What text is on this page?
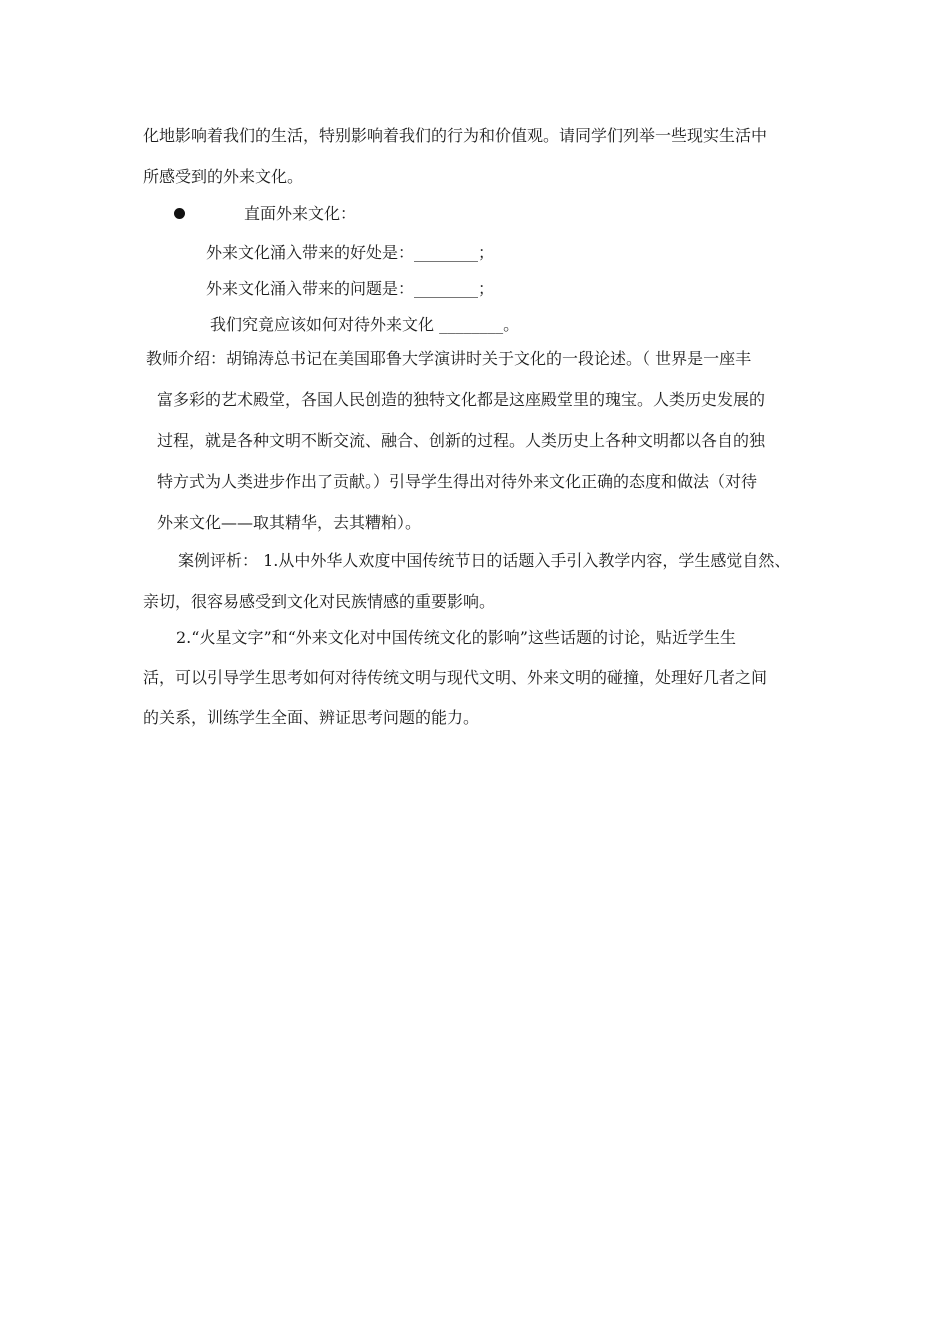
化地影响着我们的生活，特别影响着我们的行为和价值观。请同学们列举一些现实生活中
所感受到的外来文化。
直面外来文化：
外来文化涌入带来的好处是：________；
外来文化涌入带来的问题是：________；
我们究竟应该如何对待外来文化 ________。
教师介绍：胡锦涛总书记在美国耶鲁大学演讲时关于文化的一段论述。（ 世界是一座丰
富多彩的艺术殿堂，各国人民创造的独特文化都是这座殿堂里的瑰宝。人类历史发展的
过程，就是各种文明不断交流、融合、创新的过程。人类历史上各种文明都以各自的独
特方式为人类进步作出了贡献。）引导学生得出对待外来文化正确的态度和做法（对待
外来文化——取其精华，去其糟粕）。
案例评析： 1.从中外华人欢度中国传统节日的话题入手引入教学内容，学生感觉自然、
亲切，很容易感受到文化对民族情感的重要影响。
2.“火星文字”和“外来文化对中国传统文化的影响”这些话题的讨论，贴近学生生
活，可以引导学生思考如何对待传统文明与现代文明、外来文明的碰撞，处理好几者之间
的关系，训练学生全面、辨证思考问题的能力。
